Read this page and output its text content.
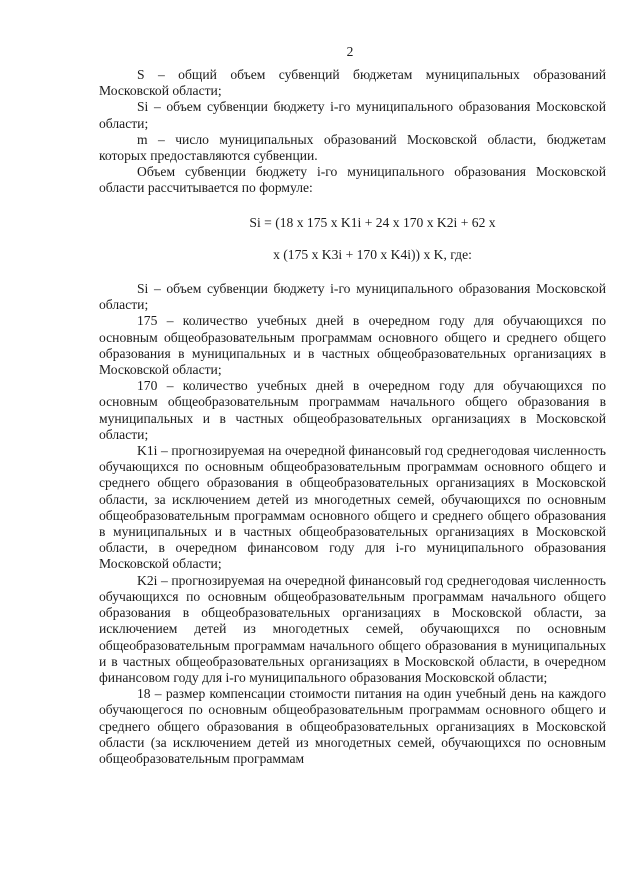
2

S – общий объем субвенций бюджетам муниципальных образований Московской области;

Si – объем субвенции бюджету i-го муниципального образования Московской области;

m – число муниципальных образований Московской области, бюджетам которых предоставляются субвенции.

Объем субвенции бюджету i-го муниципального образования Московской области рассчитывается по формуле:

Si = (18 x 175 x K1i + 24 x 170 x K2i + 62 x

x (175 x K3i + 170 x K4i)) x K, где:

Si – объем субвенции бюджету i-го муниципального образования Московской области;

175 – количество учебных дней в очередном году для обучающихся по основным общеобразовательным программам основного общего и среднего общего образования в муниципальных и в частных общеобразовательных организациях в Московской области;

170 – количество учебных дней в очередном году для обучающихся по основным общеобразовательным программам начального общего образования в муниципальных и в частных общеобразовательных организациях в Московской области;

K1i – прогнозируемая на очередной финансовый год среднегодовая численность обучающихся по основным общеобразовательным программам основного общего и среднего общего образования в общеобразовательных организациях в Московской области, за исключением детей из многодетных семей, обучающихся по основным общеобразовательным программам основного общего и среднего общего образования в муниципальных и в частных общеобразовательных организациях в Московской области, в очередном финансовом году для i-го муниципального образования Московской области;

K2i – прогнозируемая на очередной финансовый год среднегодовая численность обучающихся по основным общеобразовательным программам начального общего образования в общеобразовательных организациях в Московской области, за исключением детей из многодетных семей, обучающихся по основным общеобразовательным программам начального общего образования в муниципальных и в частных общеобразовательных организациях в Московской области, в очередном финансовом году для i-го муниципального образования Московской области;

18 – размер компенсации стоимости питания на один учебный день на каждого обучающегося по основным общеобразовательным программам основного общего и среднего общего образования в общеобразовательных организациях в Московской области (за исключением детей из многодетных семей, обучающихся по основным общеобразовательным программам
